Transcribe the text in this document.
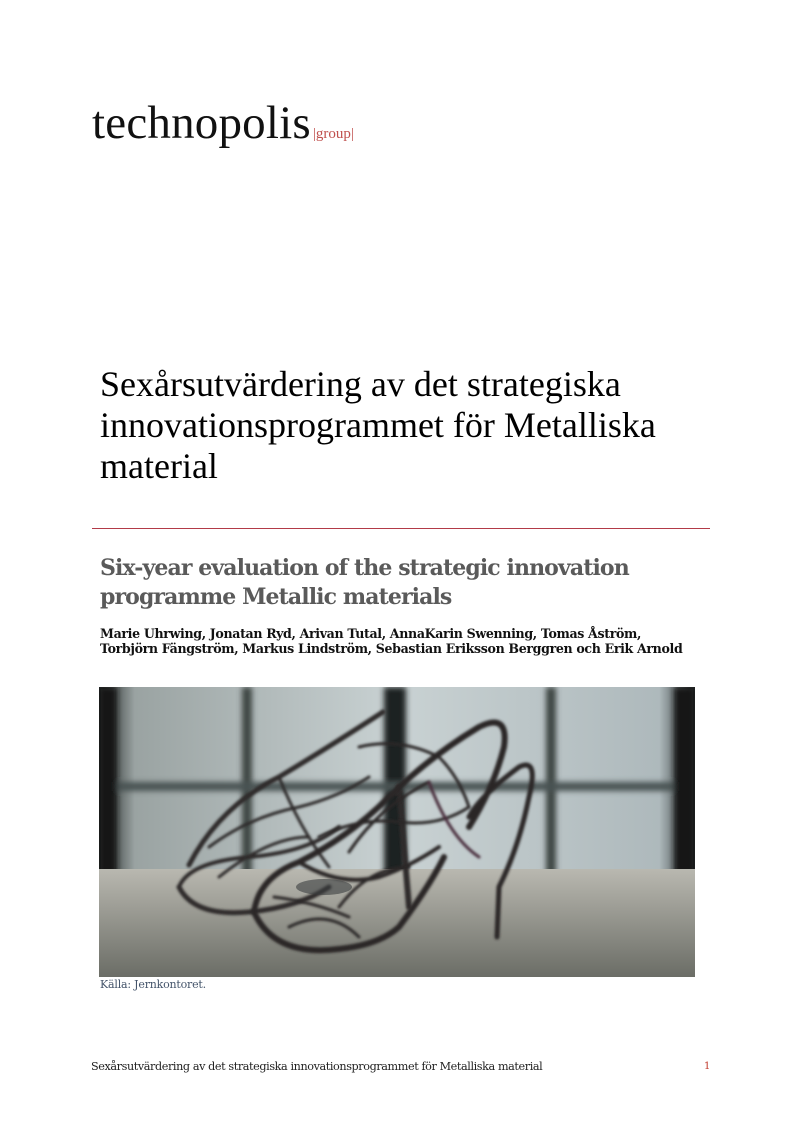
technopolis |group|
Sexårsutvärdering av det strategiska innovationsprogrammet för Metalliska material
Six-year evaluation of the strategic innovation programme Metallic materials

Marie Uhrwing, Jonatan Ryd, Arivan Tutal, AnnaKarin Swenning, Tomas Åström, Torbjörn Fängström, Markus Lindström, Sebastian Eriksson Berggren och Erik Arnold

Källa: Jernkontoret.
Sexårsutvärdering av det strategiska innovationsprogrammet för Metalliska material	1
